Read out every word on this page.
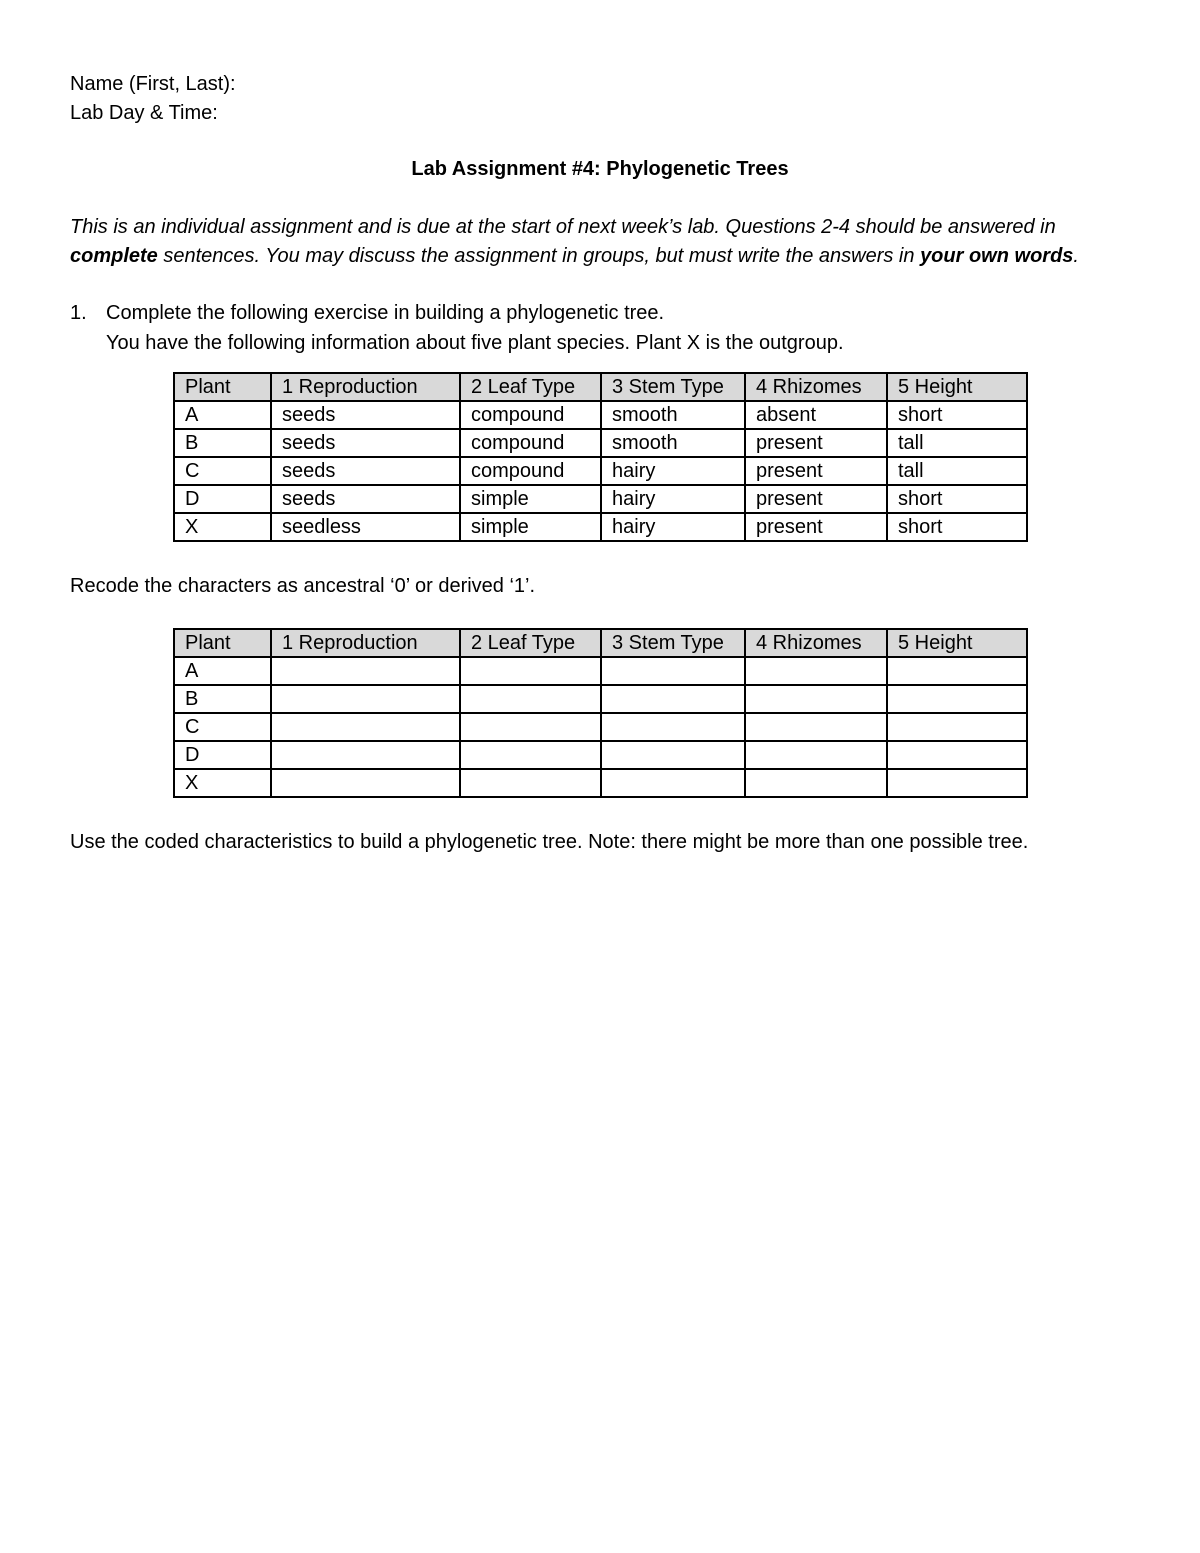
Name (First, Last):
Lab Day & Time:
Lab Assignment #4: Phylogenetic Trees
This is an individual assignment and is due at the start of next week’s lab. Questions 2-4 should be answered in complete sentences. You may discuss the assignment in groups, but must write the answers in your own words.
1. Complete the following exercise in building a phylogenetic tree.
You have the following information about five plant species. Plant X is the outgroup.
Plant	1 Reproduction	2 Leaf Type	3 Stem Type	4 Rhizomes	5 Height
A	seeds	compound	smooth	absent	short
B	seeds	compound	smooth	present	tall
C	seeds	compound	hairy	present	tall
D	seeds	simple	hairy	present	short
X	seedless	simple	hairy	present	short
Recode the characters as ancestral ‘0’ or derived ‘1’.
Plant	1 Reproduction	2 Leaf Type	3 Stem Type	4 Rhizomes	5 Height
A					
B					
C					
D					
X					
Use the coded characteristics to build a phylogenetic tree. Note: there might be more than one possible tree.
